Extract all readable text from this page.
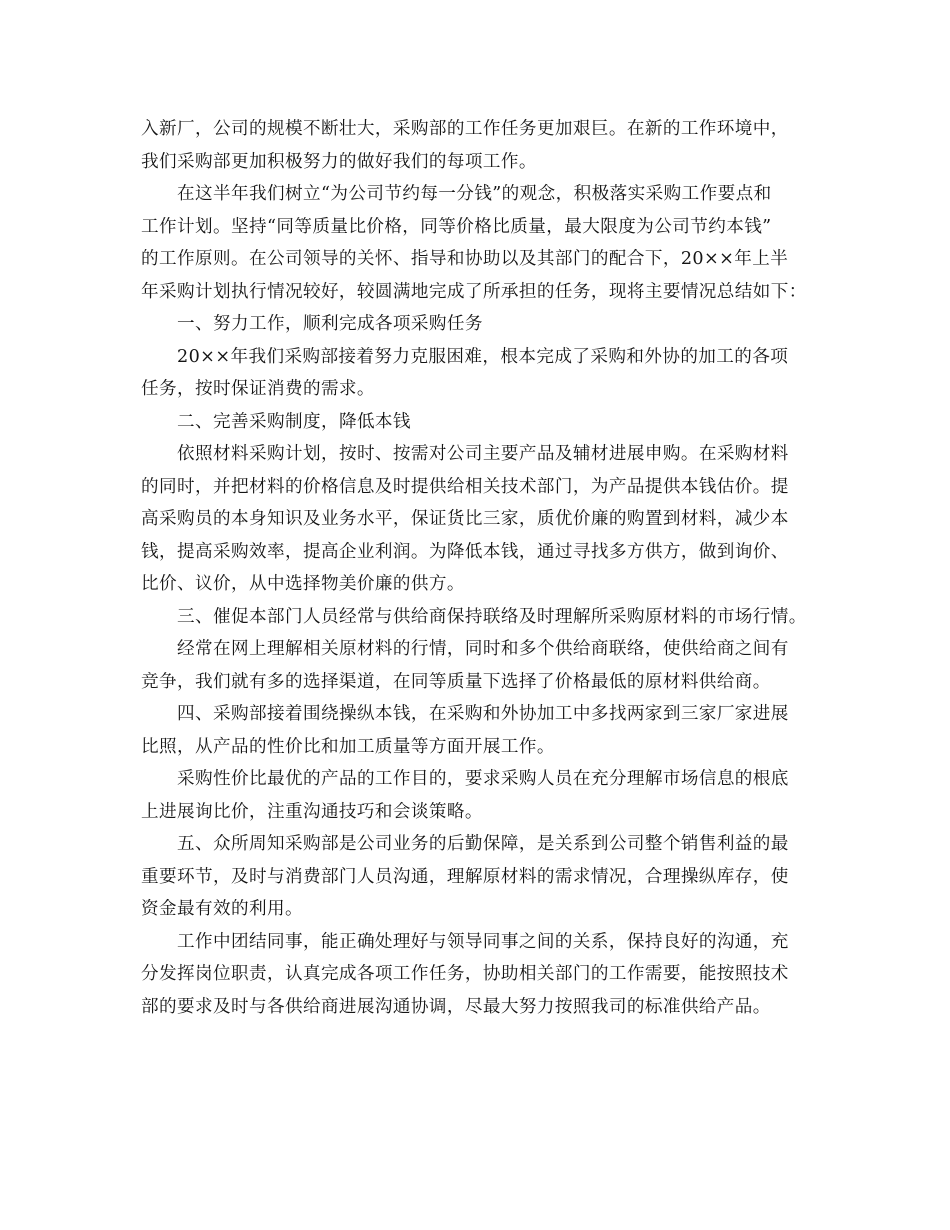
入新厂，公司的规模不断壮大，采购部的工作任务更加艰巨。在新的工作环境中，
我们采购部更加积极努力的做好我们的每项工作。
在这半年我们树立“为公司节约每一分钱”的观念，积极落实采购工作要点和
工作计划。坚持“同等质量比价格，同等价格比质量，最大限度为公司节约本钱”
的工作原则。在公司领导的关怀、指导和协助以及其部门的配合下，20××年上半
年采购计划执行情况较好，较圆满地完成了所承担的任务，现将主要情况总结如下：
一、努力工作，顺利完成各项采购任务
20××年我们采购部接着努力克服困难，根本完成了采购和外协的加工的各项
任务，按时保证消费的需求。
二、完善采购制度，降低本钱
依照材料采购计划，按时、按需对公司主要产品及辅材进展申购。在采购材料
的同时，并把材料的价格信息及时提供给相关技术部门，为产品提供本钱估价。提
高采购员的本身知识及业务水平，保证货比三家，质优价廉的购置到材料，减少本
钱，提高采购效率，提高企业利润。为降低本钱，通过寻找多方供方，做到询价、
比价、议价，从中选择物美价廉的供方。
三、催促本部门人员经常与供给商保持联络及时理解所采购原材料的市场行情。
经常在网上理解相关原材料的行情，同时和多个供给商联络，使供给商之间有
竞争，我们就有多的选择渠道，在同等质量下选择了价格最低的原材料供给商。
四、采购部接着围绕操纵本钱，在采购和外协加工中多找两家到三家厂家进展
比照，从产品的性价比和加工质量等方面开展工作。
采购性价比最优的产品的工作目的，要求采购人员在充分理解市场信息的根底
上进展询比价，注重沟通技巧和会谈策略。
五、众所周知采购部是公司业务的后勤保障，是关系到公司整个销售利益的最
重要环节，及时与消费部门人员沟通，理解原材料的需求情况，合理操纵库存，使
资金最有效的利用。
工作中团结同事，能正确处理好与领导同事之间的关系，保持良好的沟通，充
分发挥岗位职责，认真完成各项工作任务，协助相关部门的工作需要，能按照技术
部的要求及时与各供给商进展沟通协调，尽最大努力按照我司的标准供给产品。
